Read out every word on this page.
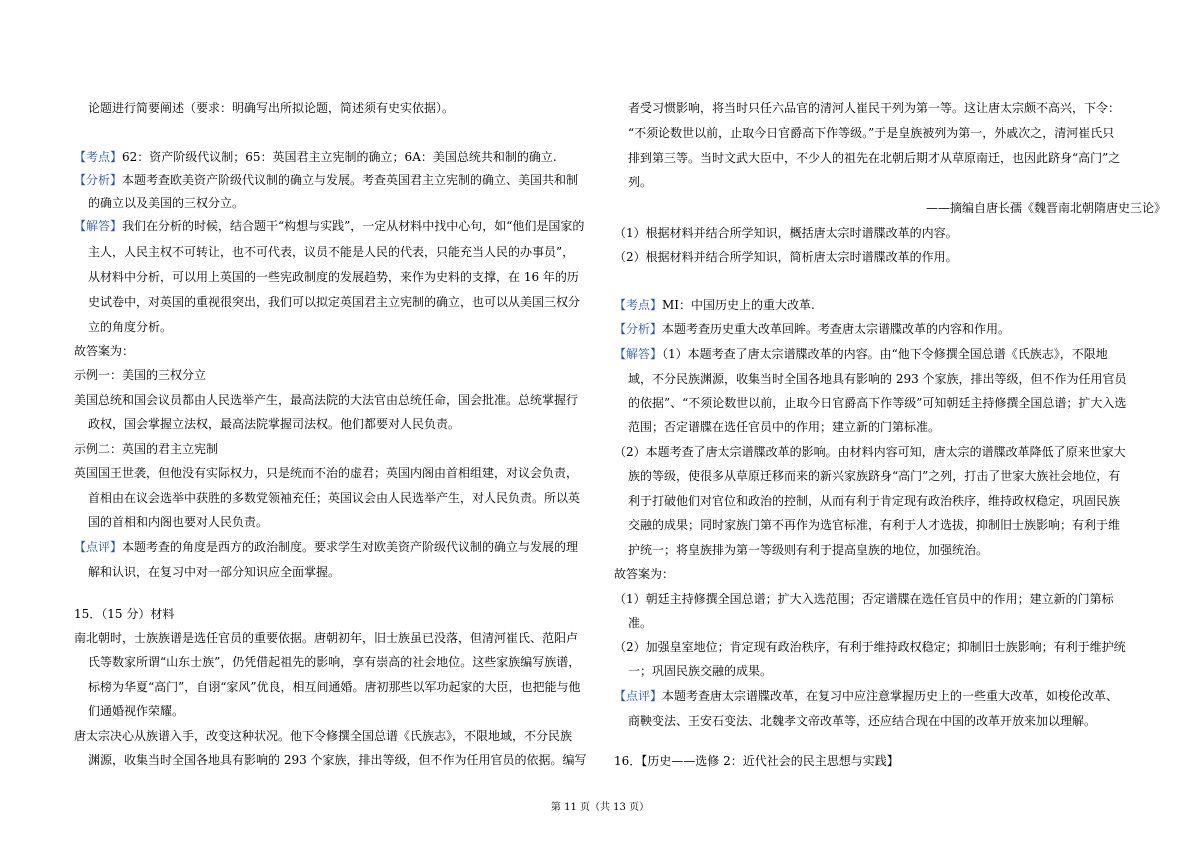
论题进行简要阐述（要求：明确写出所拟论题，简述须有史实依据）。
【考点】62：资产阶级代议制；65：英国君主立宪制的确立；6A：美国总统共和制的确立.
【分析】本题考查欧美资产阶级代议制的确立与发展。考查英国君主立宪制的确立、美国共和制
的确立以及美国的三权分立。
【解答】我们在分析的时候，结合题干“构想与实践”，一定从材料中找中心句，如“他们是国家的
主人，人民主权不可转让，也不可代表，议员不能是人民的代表，只能充当人民的办事员”，
从材料中分析，可以用上英国的一些宪政制度的发展趋势，来作为史料的支撑，在 16 年的历
史试卷中，对英国的重视很突出，我们可以拟定英国君主立宪制的确立，也可以从美国三权分
立的角度分析。
故答案为：
示例一：美国的三权分立
美国总统和国会议员都由人民选举产生，最高法院的大法官由总统任命，国会批准。总统掌握行
政权，国会掌握立法权，最高法院掌握司法权。他们都要对人民负责。
示例二：英国的君主立宪制
英国国王世袭，但他没有实际权力，只是统而不治的虚君；英国内阁由首相组建，对议会负责，
首相由在议会选举中获胜的多数党领袖充任；英国议会由人民选举产生，对人民负责。所以英
国的首相和内阁也要对人民负责。
【点评】本题考查的角度是西方的政治制度。要求学生对欧美资产阶级代议制的确立与发展的理
解和认识，在复习中对一部分知识应全面掌握。
15．（15 分）材料
南北朝时，士族族谱是选任官员的重要依据。唐朝初年，旧士族虽已没落，但清河崔氏、范阳卢
氏等数家所谓“山东士族”，仍凭借起祖先的影响，享有崇高的社会地位。这些家族编写族谱，
标榜为华夏“高门”，自诩“家风”优良，相互间通婚。唐初那些以军功起家的大臣，也把能与他
们通婚视作荣耀。
唐太宗决心从族谱入手，改变这种状况。他下令修撰全国总谱《氏族志》，不限地域，不分民族
渊源，收集当时全国各地具有影响的 293 个家族，排出等级，但不作为任用官员的依据。编写
者受习惯影响，将当时只任六品官的清河人崔民干列为第一等。这让唐太宗颇不高兴，下令：
“不须论数世以前，止取今日官爵高下作等级。”于是皇族被列为第一，外戚次之，清河崔氏只
排到第三等。当时文武大臣中，不少人的祖先在北朝后期才从草原南迁，也因此跻身“高门”之
列。
——摘编自唐长孺《魏晋南北朝隋唐史三论》
（1）根据材料并结合所学知识，概括唐太宗时谱牒改革的内容。
（2）根据材料并结合所学知识，简析唐太宗时谱牒改革的作用。
【考点】MI：中国历史上的重大改革.
【分析】本题考查历史重大改革回眸。考查唐太宗谱牒改革的内容和作用。
【解答】（1）本题考查了唐太宗谱牒改革的内容。由“他下令修撰全国总谱《氏族志》，不限地
域，不分民族渊源，收集当时全国各地具有影响的 293 个家族，排出等级，但不作为任用官员
的依据”、“不须论数世以前，止取今日官爵高下作等级”可知朝廷主持修撰全国总谱；扩大入选
范围；否定谱牒在选任官员中的作用；建立新的门第标准。
（2）本题考查了唐太宗谱牒改革的影响。由材料内容可知，唐太宗的谱牒改革降低了原来世家大
族的等级，使很多从草原迁移而来的新兴家族跻身“高门”之列，打击了世家大族社会地位，有
利于打破他们对官位和政治的控制，从而有利于肯定现有政治秩序，维持政权稳定，巩固民族
交融的成果；同时家族门第不再作为选官标准，有利于人才选拔，抑制旧士族影响；有利于维
护统一；将皇族排为第一等级则有利于提高皇族的地位，加强统治。
故答案为：
（1）朝廷主持修撰全国总谱；扩大入选范围；否定谱牒在选任官员中的作用；建立新的门第标
准。
（2）加强皇室地位；肯定现有政治秩序，有利于维持政权稳定；抑制旧士族影响；有利于维护统
一；巩固民族交融的成果。
【点评】本题考查唐太宗谱牒改革，在复习中应注意掌握历史上的一些重大改革，如梭伦改革、
商鞅变法、王安石变法、北魏孝文帝改革等，还应结合现在中国的改革开放来加以理解。
16．【历史——选修 2：近代社会的民主思想与实践】
第 11 页（共 13 页）
